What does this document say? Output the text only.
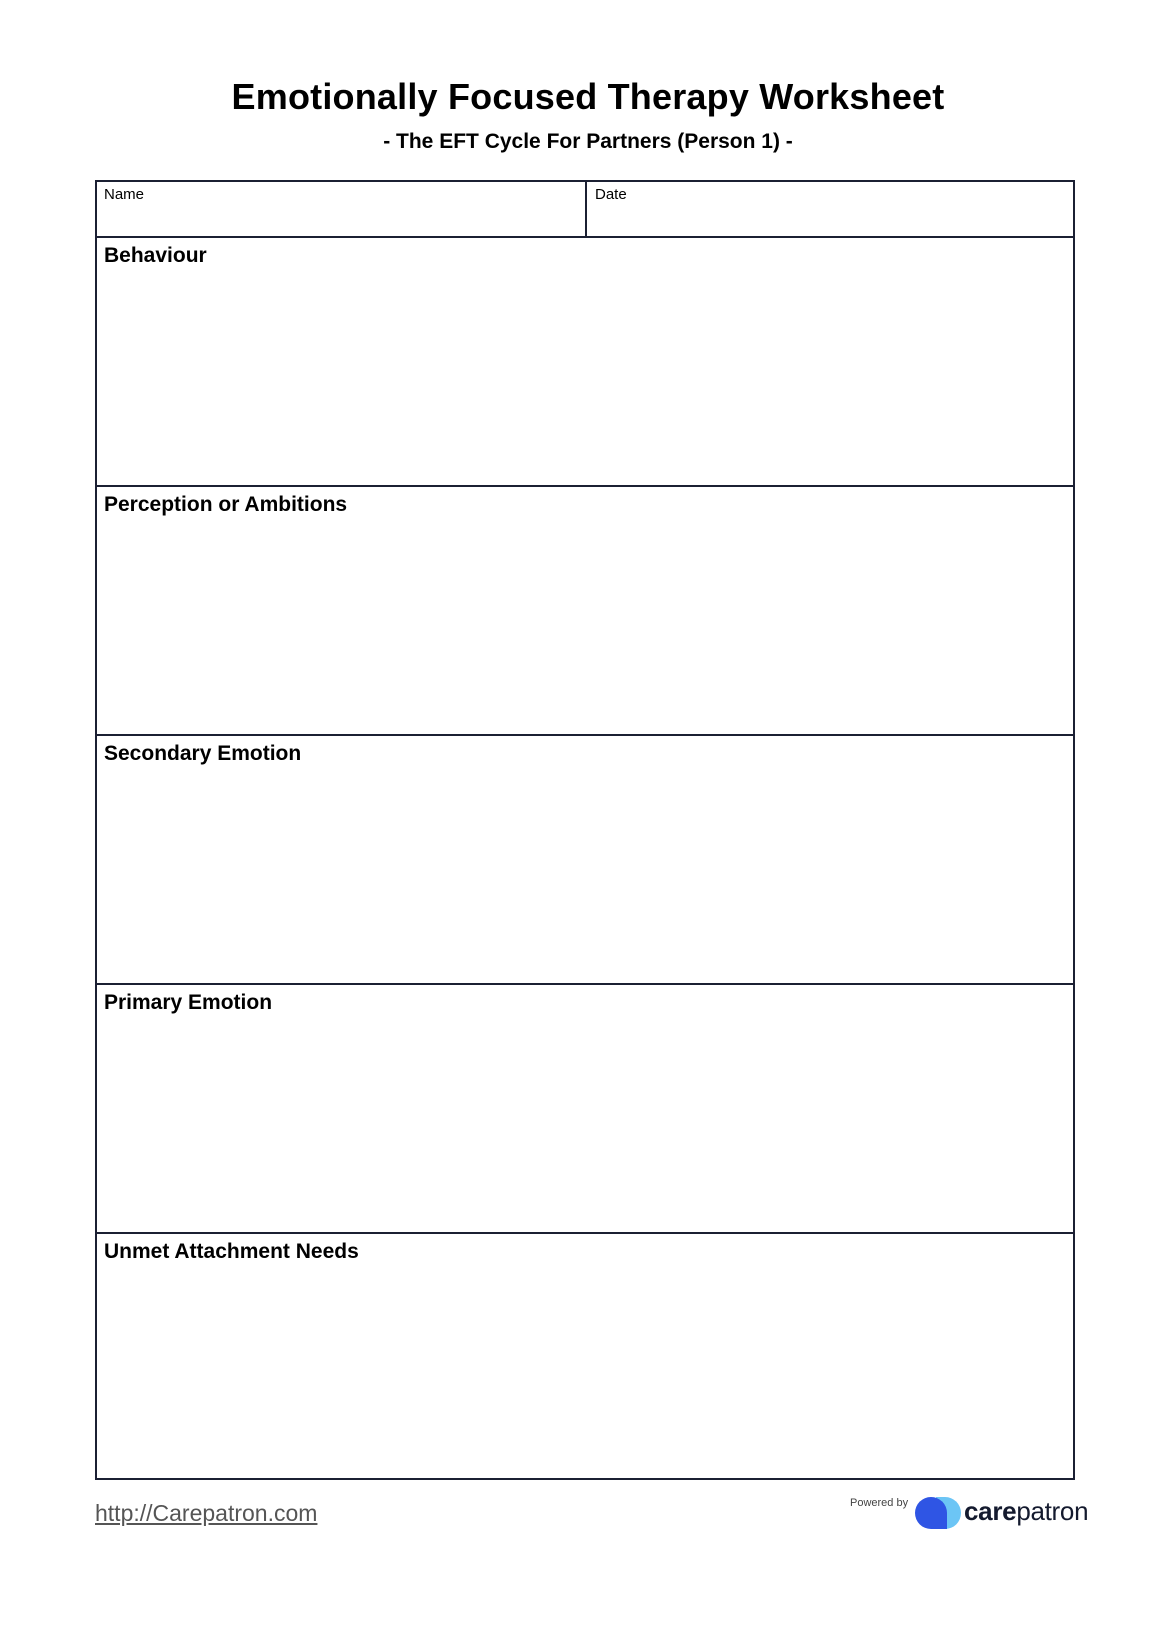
Emotionally Focused Therapy Worksheet
- The EFT Cycle For Partners (Person 1) -
Name	Date
Behaviour
Perception or Ambitions
Secondary Emotion
Primary Emotion
Unmet Attachment Needs
http://Carepatron.com	Powered by carepatron
